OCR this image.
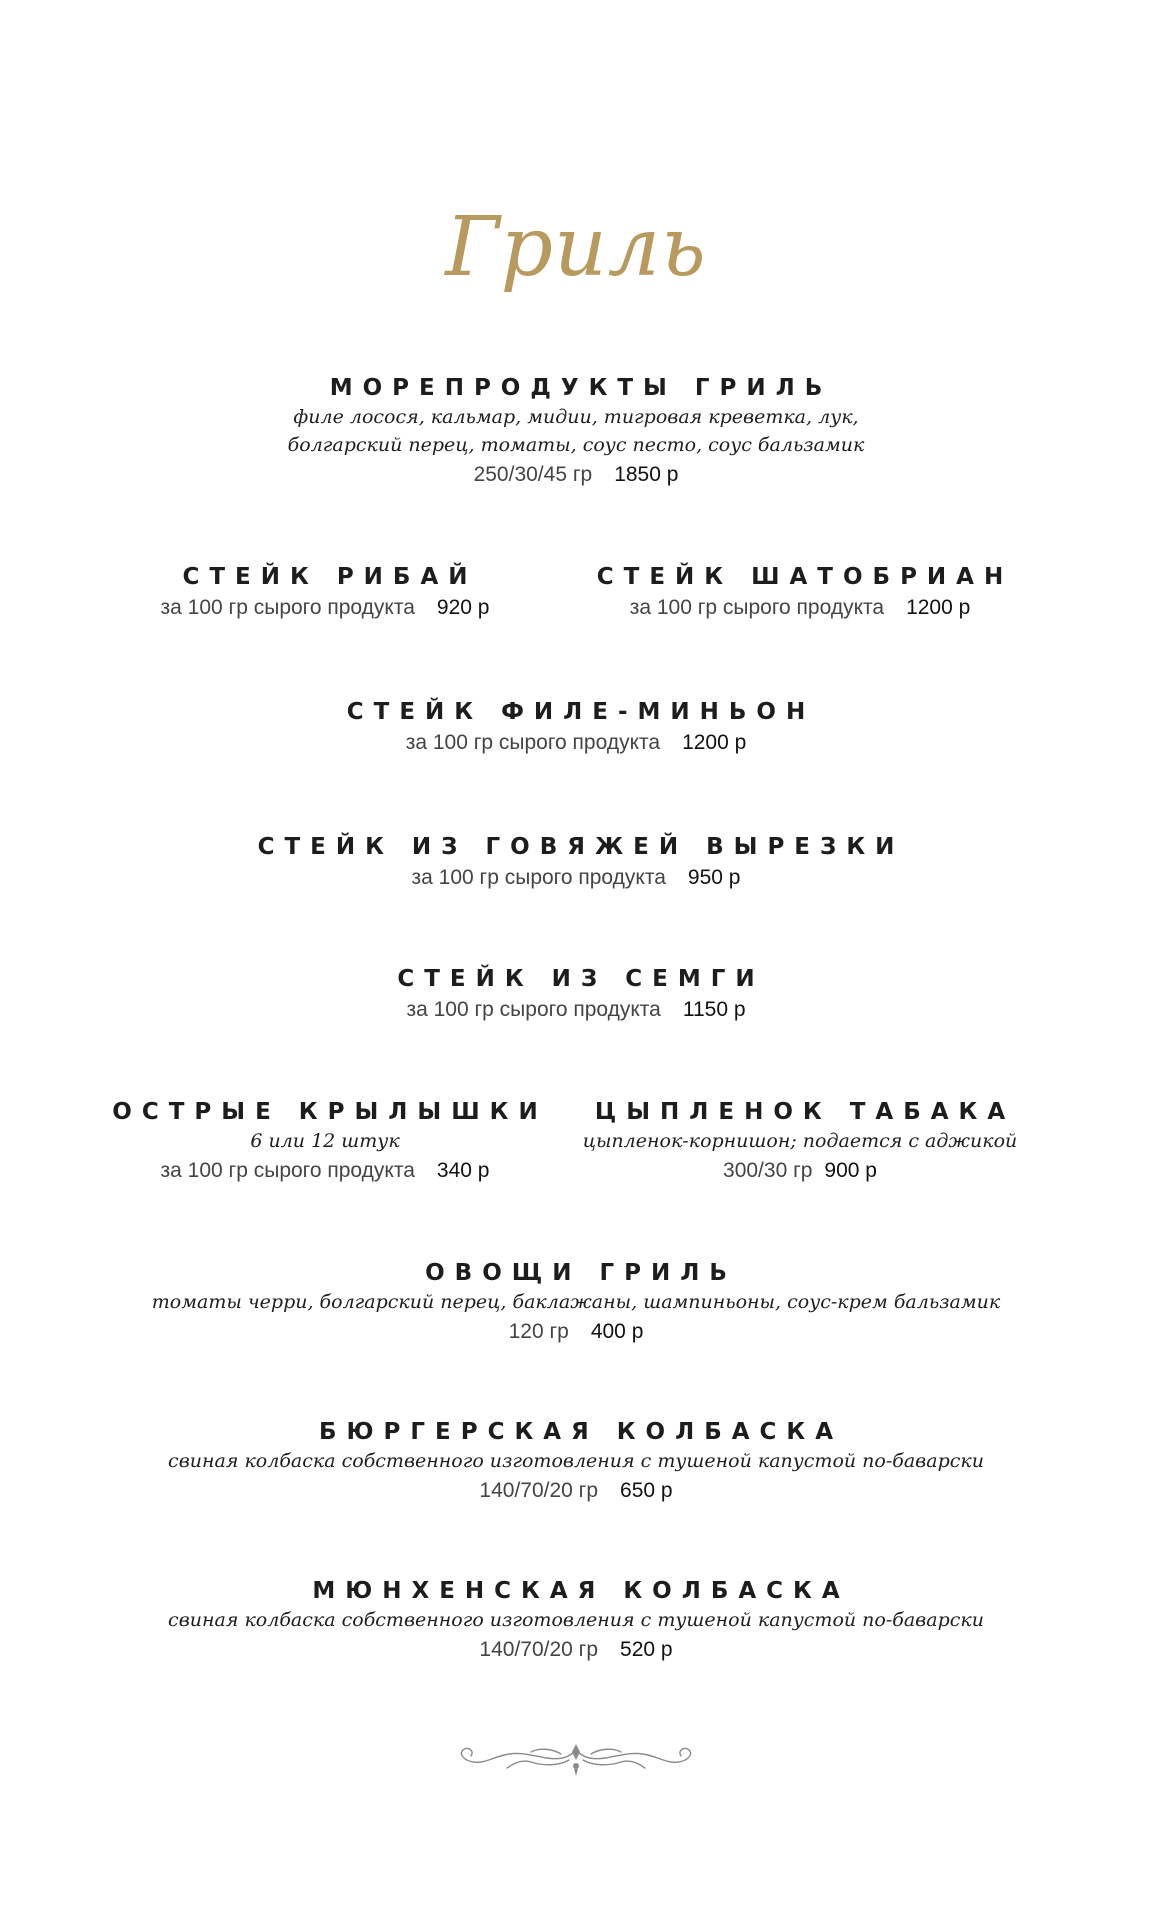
Гриль
МОРЕПРОДУКТЫ ГРИЛЬ
филе лосося, кальмар, мидии, тигровая креветка, лук,
болгарский перец, томаты, соус песто, соус бальзамик
250/30/45 гр 1850 р
СТЕЙК РИБАЙ
за 100 гр сырого продукта 920 р
СТЕЙК ШАТОБРИАН
за 100 гр сырого продукта 1200 р
СТЕЙК ФИЛЕ-МИНЬОН
за 100 гр сырого продукта 1200 р
СТЕЙК ИЗ ГОВЯЖЕЙ ВЫРЕЗКИ
за 100 гр сырого продукта 950 р
СТЕЙК ИЗ СЕМГИ
за 100 гр сырого продукта 1150 р
ОСТРЫЕ КРЫЛЫШКИ
6 или 12 штук
за 100 гр сырого продукта 340 р
ЦЫПЛЕНОК ТАБАКА
цыпленок-корнишон; подается с аджикой
300/30 гр 900 р
ОВОЩИ ГРИЛЬ
томаты черри, болгарский перец, баклажаны, шампиньоны, соус-крем бальзамик
120 гр 400 р
БЮРГЕРСКАЯ КОЛБАСКА
свиная колбаска собственного изготовления с тушеной капустой по-баварски
140/70/20 гр 650 р
МЮНХЕНСКАЯ КОЛБАСКА
свиная колбаска собственного изготовления с тушеной капустой по-баварски
140/70/20 гр 520 р
